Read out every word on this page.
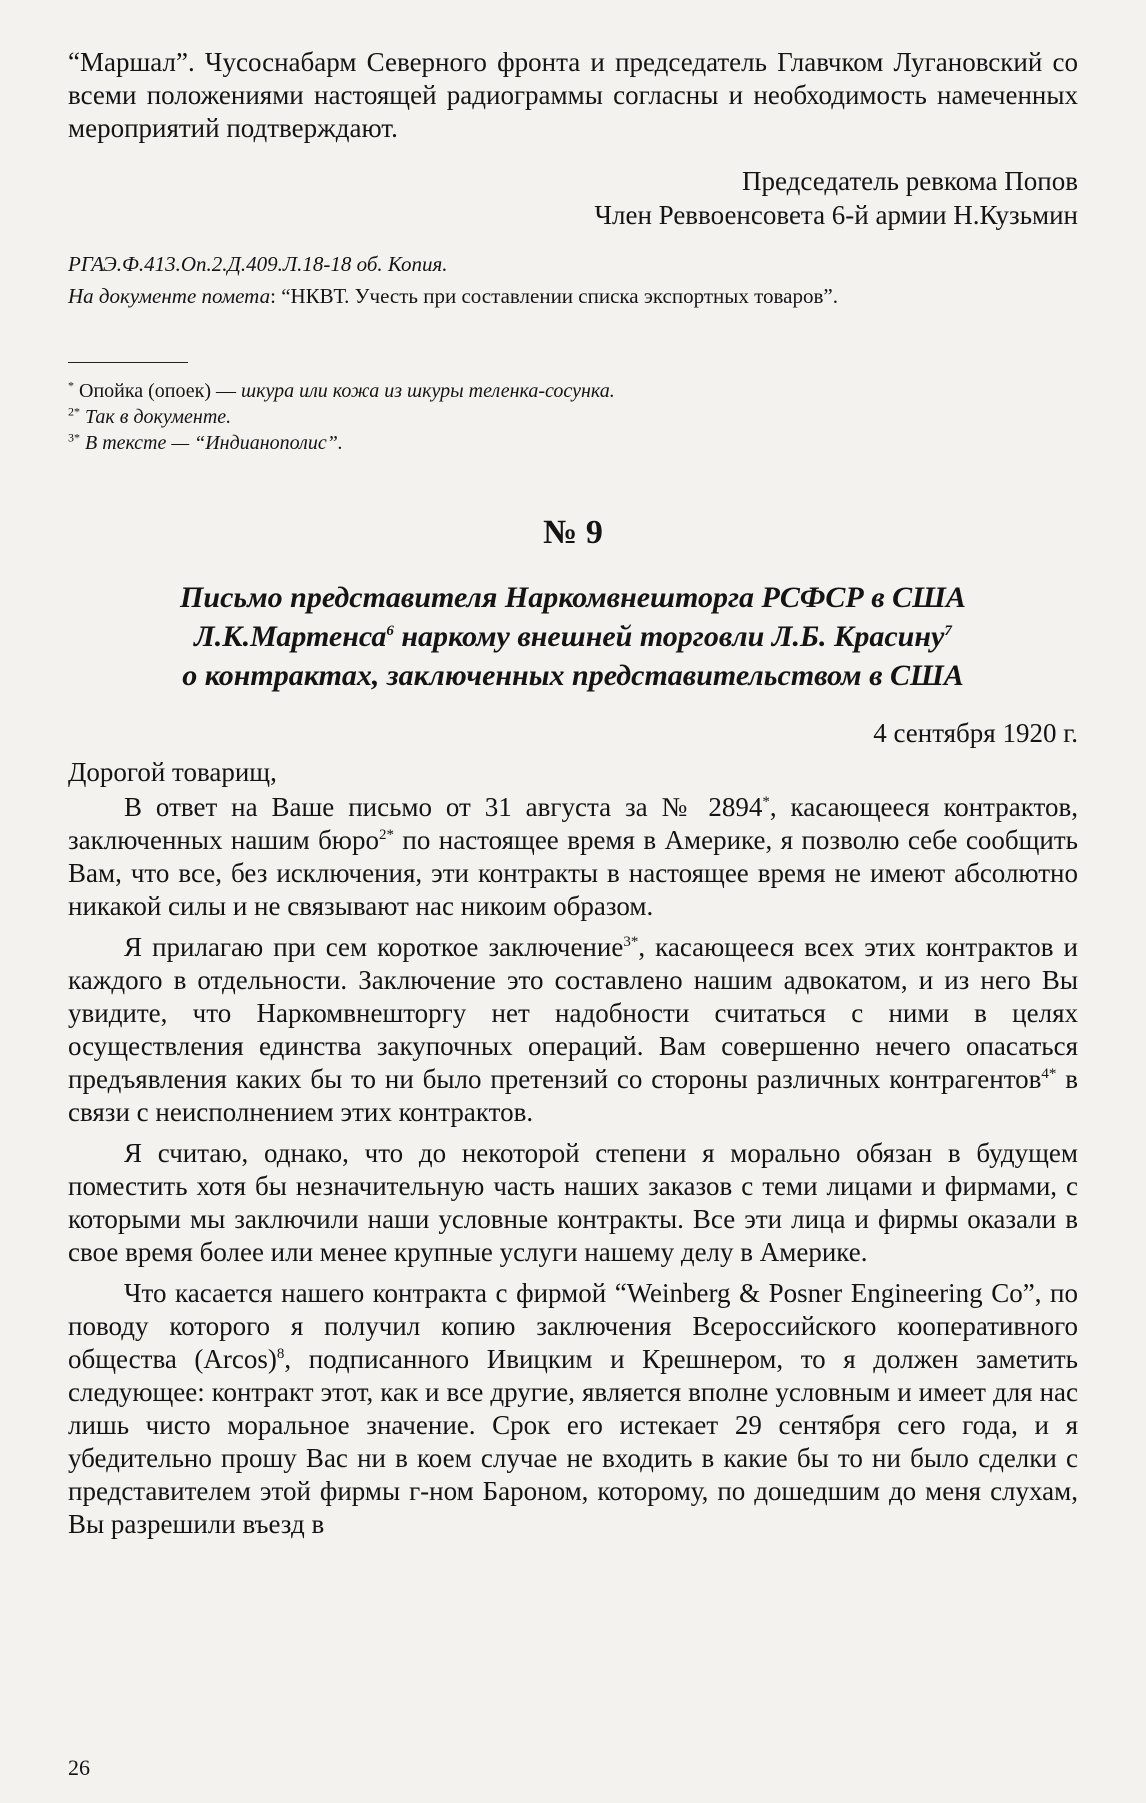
“Маршал”. Чусоснабарм Северного фронта и председатель Главчком Лугановский со всеми положениями настоящей радиограммы согласны и необходимость намеченных мероприятий подтверждают.

Председатель ревкома Попов

Член Реввоенсовета 6-й армии Н.Кузьмин

РГАЭ.Ф.413.Оп.2.Д.409.Л.18-18 об. Копия.

На документе помета: “НКВТ. Учесть при составлении списка экспортных товаров”.

* Опойка (опоек) — шкура или кожа из шкуры теленка-сосунка.

$^{2*}$ Так в документе.

$^{3*}$ В тексте — “Индианополис”.

№ 9

Письмо представителя Наркомвнешторга РСФСР в США

Л.К.Мартенса$^6$ наркому внешней торговли Л.Б. Красину$^7$

о контрактах, заключенных представительством в США

4 сентября 1920 г.

Дорогой товарищ,

В ответ на Ваше письмо от 31 августа за № 2894*, касающееся контрактов, заключенных нашим бюро$^{2*}$ по настоящее время в Америке, я позволю себе сообщить Вам, что все, без исключения, эти контракты в настоящее время не имеют абсолютно никакой силы и не связывают нас никоим образом.

Я прилагаю при сем короткое заключение$^{3*}$, касающееся всех этих контрактов и каждого в отдельности. Заключение это составлено нашим адвокатом, и из него Вы увидите, что Наркомвнешторгу нет надобности считаться с ними в целях осуществления единства закупочных операций. Вам совершенно нечего опасаться предъявления каких бы то ни было претензий со стороны различных контрагентов$^{4*}$ в связи с неисполнением этих контрактов.

Я считаю, однако, что до некоторой степени я морально обязан в будущем поместить хотя бы незначительную часть наших заказов с теми лицами и фирмами, с которыми мы заключили наши условные контракты. Все эти лица и фирмы оказали в свое время более или менее крупные услуги нашему делу в Америке.

Что касается нашего контракта с фирмой “Weinberg & Posner Engineering Co”, по поводу которого я получил копию заключения Всероссийского кооперативного общества $(Arcos)^8$, подписанного Ивицким и Крешнером, то я должен заметить следующее: контракт этот, как и все другие, является вполне условным и имеет для нас лишь чисто моральное значение. Срок его истекает 29 сентября сего года, и я убедительно прошу Вас ни в коем случае не входить в какие бы то ни было сделки с представителем этой фирмы г-ном Бароном, которому, по дошедшим до меня слухам, Вы разрешили въезд в

26
